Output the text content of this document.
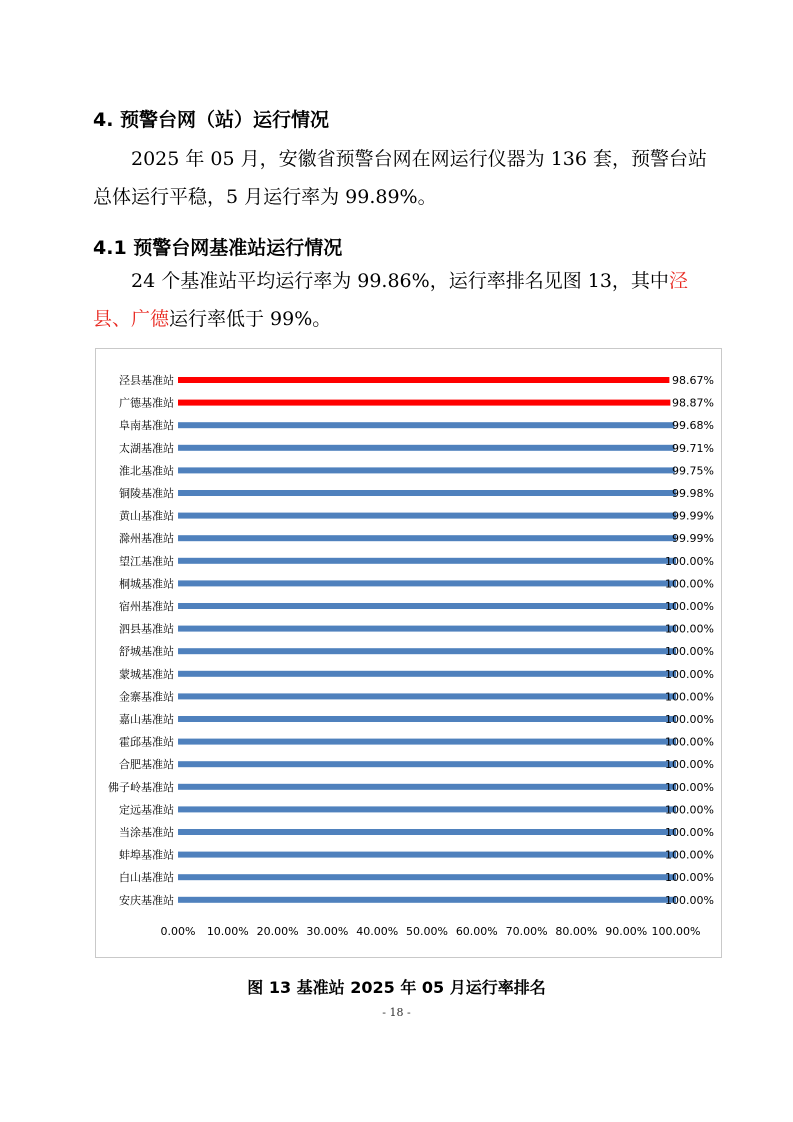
4. 预警台网（站）运行情况
2025 年 05 月，安徽省预警台网在网运行仪器为 136 套，预警台站总体运行平稳，5 月运行率为 99.89%。
4.1 预警台网基准站运行情况
24 个基准站平均运行率为 99.86%，运行率排名见图 13，其中泾县、广德运行率低于 99%。
泾县基准站	98.67%
广德基准站	98.87%
阜南基准站	99.68%
太湖基准站	99.71%
淮北基准站	99.75%
铜陵基准站	99.98%
黄山基准站	99.99%
滁州基准站	99.99%
望江基准站	100.00%
桐城基准站	100.00%
宿州基准站	100.00%
泗县基准站	100.00%
舒城基准站	100.00%
蒙城基准站	100.00%
金寨基准站	100.00%
嘉山基准站	100.00%
霍邱基准站	100.00%
合肥基准站	100.00%
佛子岭基准站	100.00%
定远基准站	100.00%
当涂基准站	100.00%
蚌埠基准站	100.00%
白山基准站	100.00%
安庆基准站	100.00%
0.00% 10.00% 20.00% 30.00% 40.00% 50.00% 60.00% 70.00% 80.00% 90.00% 100.00%
图 13 基准站 2025 年 05 月运行率排名
- 18 -
